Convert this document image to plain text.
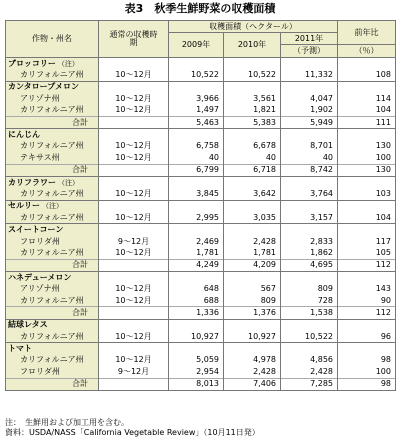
表3　秋季生鮮野菜の収穫面積
作物・州名	通常の収穫時期	収穫面積（ヘクタール）			前年比
		2009年	2010年	2011年	
				（予測）	（％）
ブロッコリー （注）					
カリフォルニア州	10～12月	10,522	10,522	11,332	108
カンタロープメロン					
アリゾナ州	10～12月	3,966	3,561	4,047	114
カリフォルニア州	10～12月	1,497	1,821	1,902	104
合計		5,463	5,383	5,949	111
にんじん					
カリフォルニア州	10～12月	6,758	6,678	8,701	130
テキサス州	10～12月	40	40	40	100
合計		6,799	6,718	8,742	130
カリフラワー （注）					
カリフォルニア州	10～12月	3,845	3,642	3,764	103
セルリー （注）					
カリフォルニア州	10～12月	2,995	3,035	3,157	104
スイートコーン					
フロリダ州	9～12月	2,469	2,428	2,833	117
カリフォルニア州	10～12月	1,781	1,781	1,862	105
合計		4,249	4,209	4,695	112
ハネデューメロン					
アリゾナ州	10～12月	648	567	809	143
カリフォルニア州	10～12月	688	809	728	90
合計		1,336	1,376	1,538	112
結球レタス					
カリフォルニア州	10～12月	10,927	10,927	10,522	96
トマト					
カリフォルニア州	10～12月	5,059	4,978	4,856	98
フロリダ州	9～12月	2,954	2,428	2,428	100
合計		8,013	7,406	7,285	98
注：　生鮮用および加工用を含む。
資料：USDA/NASS「California Vegetable Review」（10月11日発）
